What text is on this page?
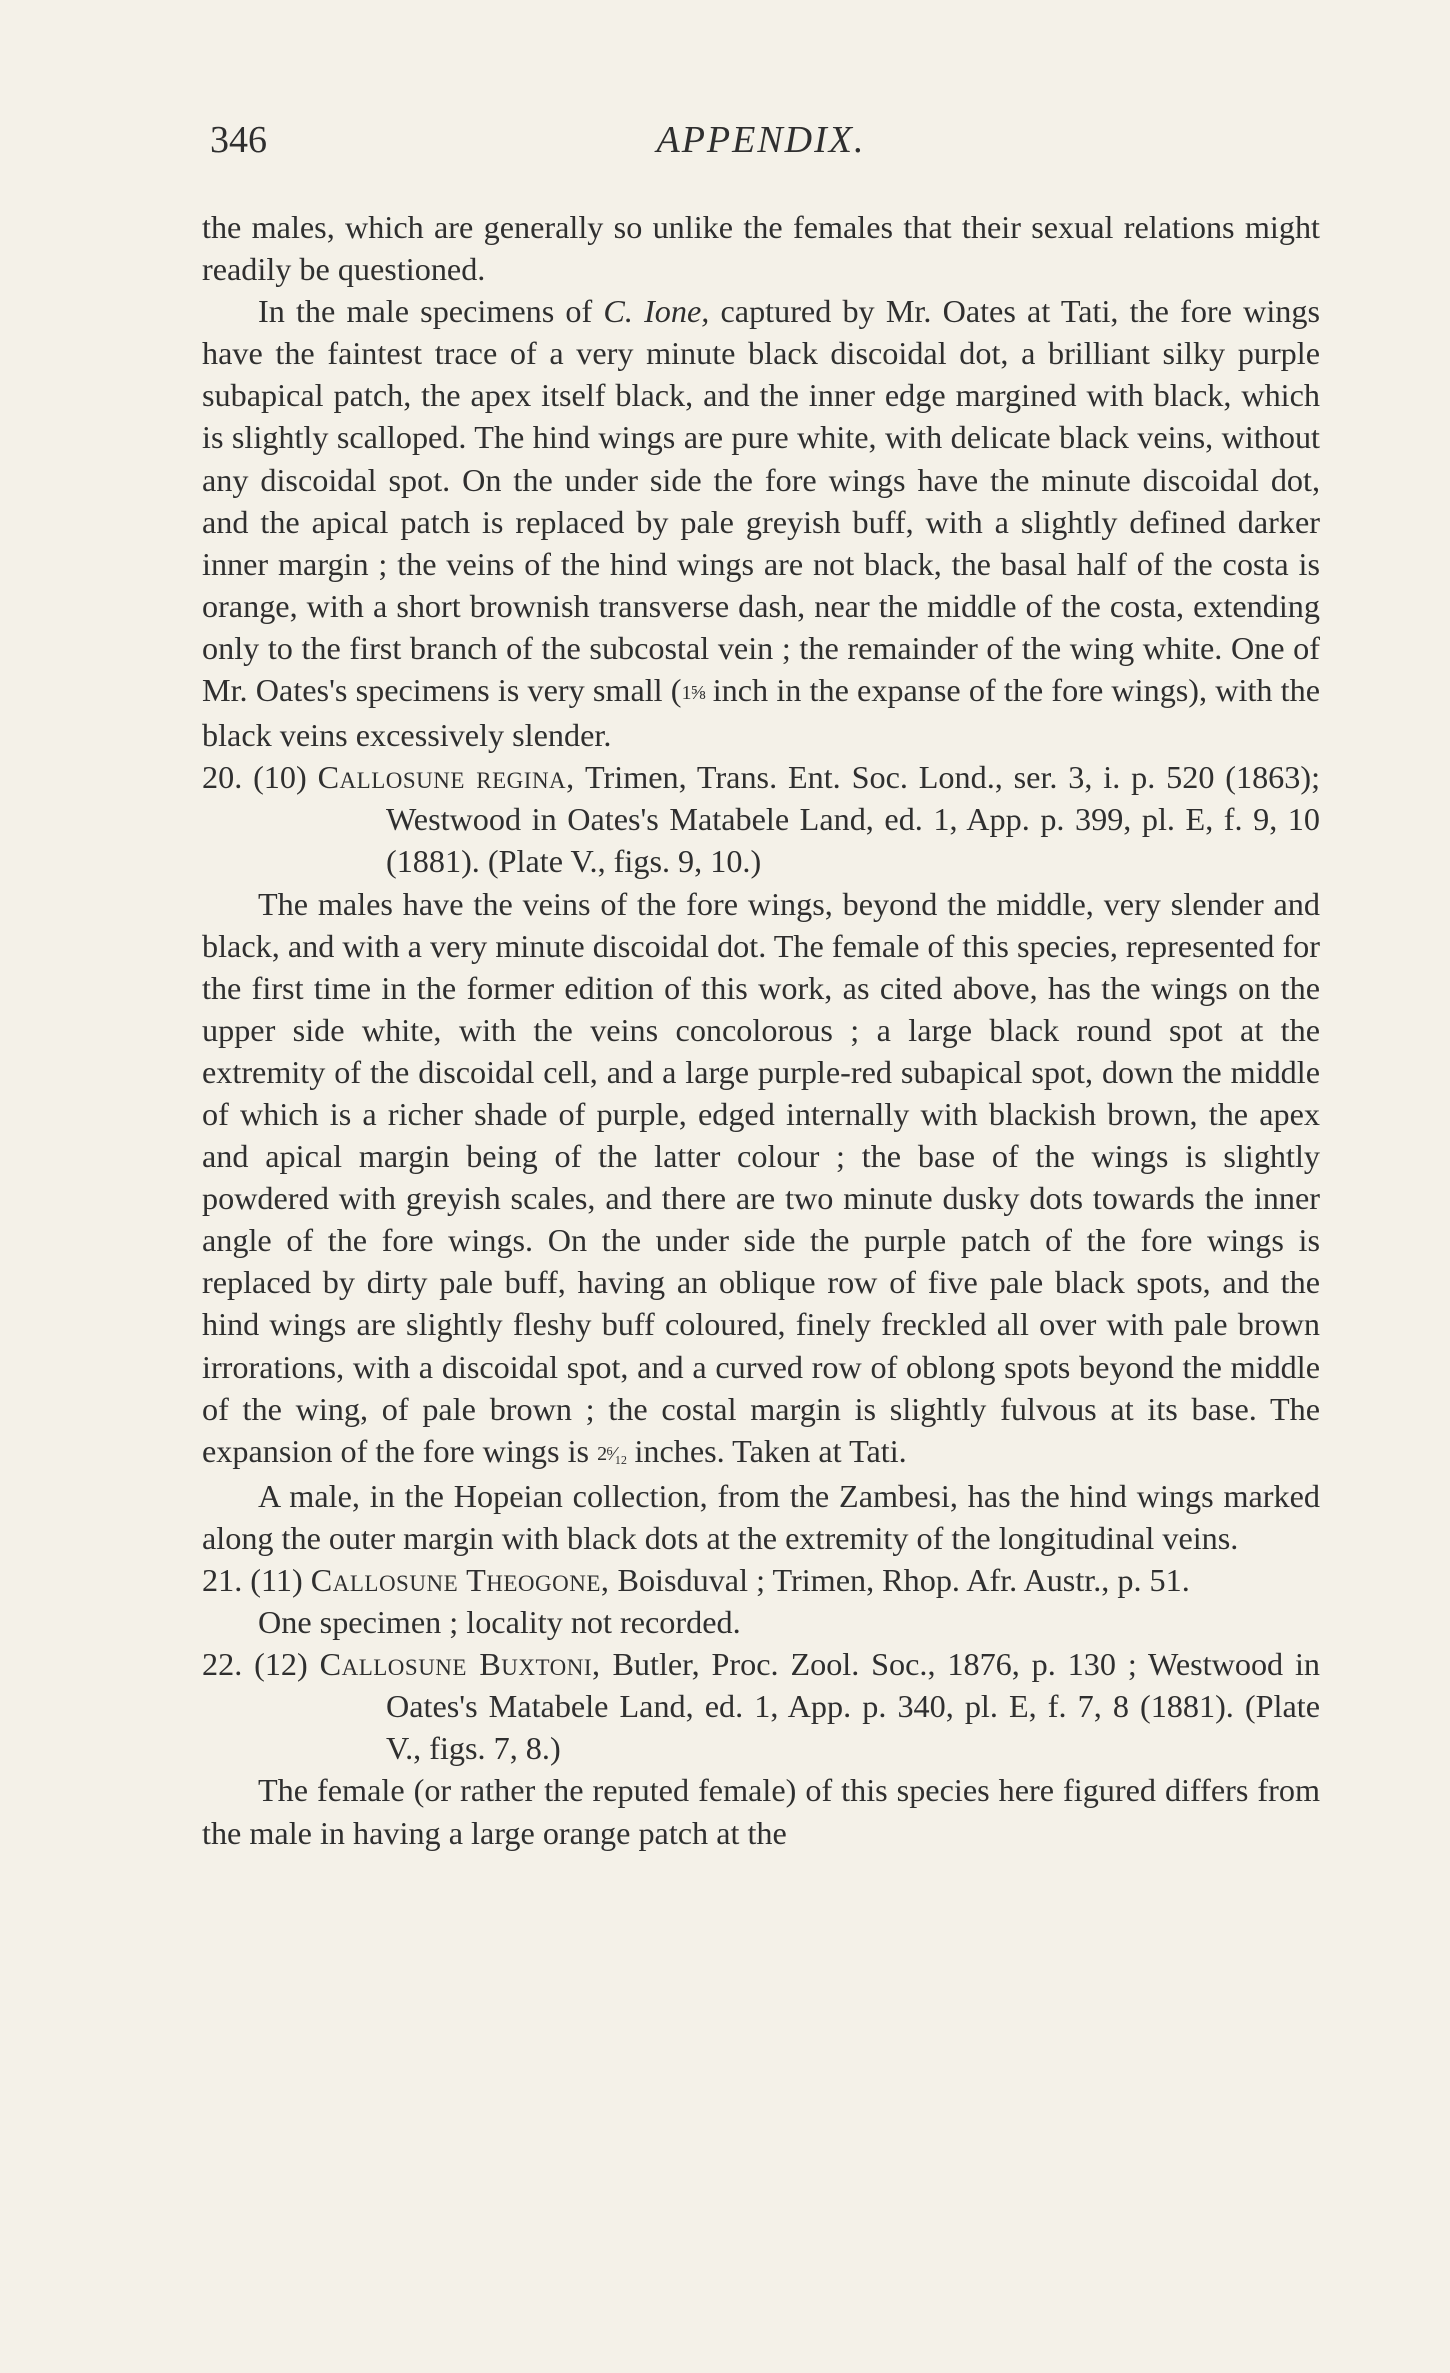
346	APPENDIX.

the males, which are generally so unlike the females that their sexual relations might readily be questioned.

In the male specimens of C. Ione, captured by Mr. Oates at Tati, the fore wings have the faintest trace of a very minute black discoidal dot, a brilliant silky purple subapical patch, the apex itself black, and the inner edge margined with black, which is slightly scalloped. The hind wings are pure white, with delicate black veins, without any discoidal spot. On the under side the fore wings have the minute discoidal dot, and the apical patch is replaced by pale greyish buff, with a slightly defined darker inner margin ; the veins of the hind wings are not black, the basal half of the costa is orange, with a short brownish transverse dash, near the middle of the costa, extending only to the first branch of the subcostal vein ; the remainder of the wing white. One of Mr. Oates's specimens is very small (1⅝ inch in the expanse of the fore wings), with the black veins excessively slender.

20. (10) Callosune regina, Trimen, Trans. Ent. Soc. Lond., ser. 3, i. p. 520 (1863); Westwood in Oates's Matabele Land, ed. 1, App. p. 399, pl. E, f. 9, 10 (1881). (Plate V., figs. 9, 10.)

The males have the veins of the fore wings, beyond the middle, very slender and black, and with a very minute discoidal dot. The female of this species, represented for the first time in the former edition of this work, as cited above, has the wings on the upper side white, with the veins concolorous ; a large black round spot at the extremity of the discoidal cell, and a large purple-red subapical spot, down the middle of which is a richer shade of purple, edged internally with blackish brown, the apex and apical margin being of the latter colour ; the base of the wings is slightly powdered with greyish scales, and there are two minute dusky dots towards the inner angle of the fore wings. On the under side the purple patch of the fore wings is replaced by dirty pale buff, having an oblique row of five pale black spots, and the hind wings are slightly fleshy buff coloured, finely freckled all over with pale brown irrorations, with a discoidal spot, and a curved row of oblong spots beyond the middle of the wing, of pale brown ; the costal margin is slightly fulvous at its base. The expansion of the fore wings is 2⁶⁄₁₂ inches. Taken at Tati.

A male, in the Hopeian collection, from the Zambesi, has the hind wings marked along the outer margin with black dots at the extremity of the longitudinal veins.

21. (11) Callosune Theogone, Boisduval ; Trimen, Rhop. Afr. Austr., p. 51.

One specimen ; locality not recorded.

22. (12) Callosune Buxtoni, Butler, Proc. Zool. Soc., 1876, p. 130 ; Westwood in Oates's Matabele Land, ed. 1, App. p. 340, pl. E, f. 7, 8 (1881). (Plate V., figs. 7, 8.)

The female (or rather the reputed female) of this species here figured differs from the male in having a large orange patch at the
